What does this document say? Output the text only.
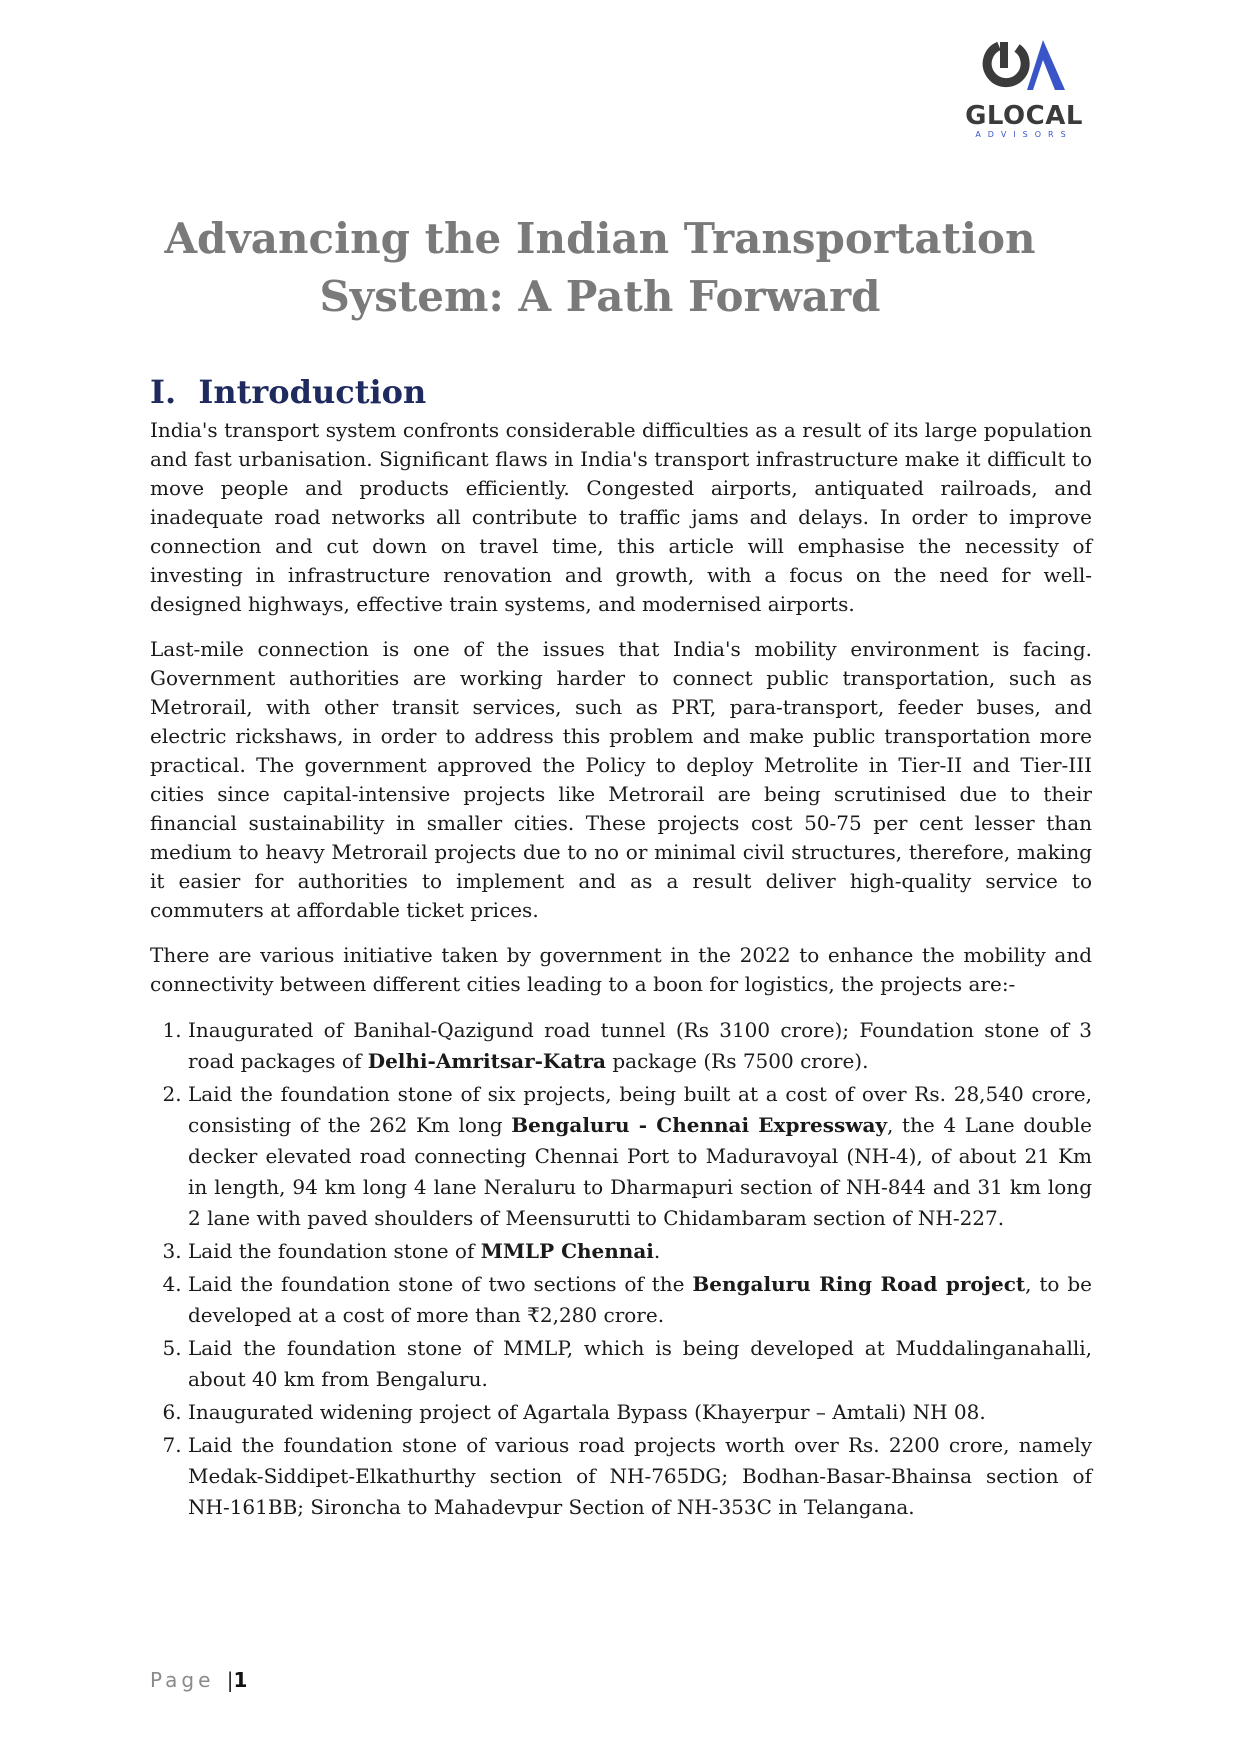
GLOCAL
ADVISORS
Advancing the Indian Transportation System: A Path Forward
I. Introduction

India's transport system confronts considerable difficulties as a result of its large population and fast urbanisation. Significant flaws in India's transport infrastructure make it difficult to move people and products efficiently. Congested airports, antiquated railroads, and inadequate road networks all contribute to traffic jams and delays. In order to improve connection and cut down on travel time, this article will emphasise the necessity of investing in infrastructure renovation and growth, with a focus on the need for well-designed highways, effective train systems, and modernised airports.

Last-mile connection is one of the issues that India's mobility environment is facing. Government authorities are working harder to connect public transportation, such as Metrorail, with other transit services, such as PRT, para-transport, feeder buses, and electric rickshaws, in order to address this problem and make public transportation more practical. The government approved the Policy to deploy Metrolite in Tier-II and Tier-III cities since capital-intensive projects like Metrorail are being scrutinised due to their financial sustainability in smaller cities. These projects cost 50-75 per cent lesser than medium to heavy Metrorail projects due to no or minimal civil structures, therefore, making it easier for authorities to implement and as a result deliver high-quality service to commuters at affordable ticket prices.

There are various initiative taken by government in the 2022 to enhance the mobility and connectivity between different cities leading to a boon for logistics, the projects are:-

1. Inaugurated of Banihal-Qazigund road tunnel (Rs 3100 crore); Foundation stone of 3 road packages of Delhi-Amritsar-Katra package (Rs 7500 crore).
2. Laid the foundation stone of six projects, being built at a cost of over Rs. 28,540 crore, consisting of the 262 Km long Bengaluru - Chennai Expressway, the 4 Lane double decker elevated road connecting Chennai Port to Maduravoyal (NH-4), of about 21 Km in length, 94 km long 4 lane Neraluru to Dharmapuri section of NH-844 and 31 km long 2 lane with paved shoulders of Meensurutti to Chidambaram section of NH-227.
3. Laid the foundation stone of MMLP Chennai.
4. Laid the foundation stone of two sections of the Bengaluru Ring Road project, to be developed at a cost of more than ₹2,280 crore.
5. Laid the foundation stone of MMLP, which is being developed at Muddalinganahalli, about 40 km from Bengaluru.
6. Inaugurated widening project of Agartala Bypass (Khayerpur – Amtali) NH 08.
7. Laid the foundation stone of various road projects worth over Rs. 2200 crore, namely Medak-Siddipet-Elkathurthy section of NH-765DG; Bodhan-Basar-Bhainsa section of NH-161BB; Sironcha to Mahadevpur Section of NH-353C in Telangana.
Page |1
